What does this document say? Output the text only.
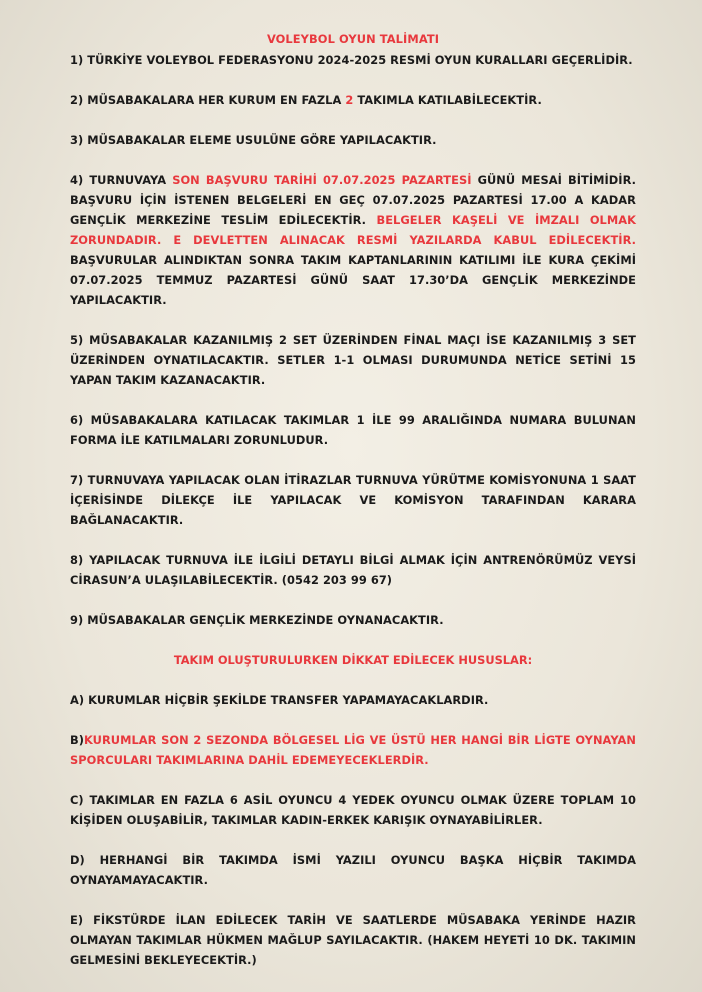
VOLEYBOL OYUN TALİMATI

1) TÜRKİYE VOLEYBOL FEDERASYONU 2024-2025 RESMİ OYUN KURALLARI GEÇERLİDİR.

2) MÜSABAKALARA HER KURUM EN FAZLA 2 TAKIMLA KATILABİLECEKTİR.

3) MÜSABAKALAR ELEME USULÜNE GÖRE YAPILACAKTIR.

4) TURNUVAYA SON BAŞVURU TARİHİ 07.07.2025 PAZARTESİ GÜNÜ MESAİ BİTİMİDİR. BAŞVURU İÇİN İSTENEN BELGELERİ EN GEÇ 07.07.2025 PAZARTESİ 17.00 A KADAR GENÇLİK MERKEZİNE TESLİM EDİLECEKTİR. BELGELER KAŞELİ VE İMZALI OLMAK ZORUNDADIR. E DEVLETTEN ALINACAK RESMİ YAZILARDA KABUL EDİLECEKTİR. BAŞVURULAR ALINDIKTAN SONRA TAKIM KAPTANLARININ KATILIMI İLE KURA ÇEKİMİ 07.07.2025 TEMMUZ PAZARTESİ GÜNÜ SAAT 17.30’DA GENÇLİK MERKEZİNDE YAPILACAKTIR.

5) MÜSABAKALAR KAZANILMIŞ 2 SET ÜZERİNDEN FİNAL MAÇI İSE KAZANILMIŞ 3 SET ÜZERİNDEN OYNATILACAKTIR. SETLER 1-1 OLMASI DURUMUNDA NETİCE SETİNİ 15 YAPAN TAKIM KAZANACAKTIR.

6) MÜSABAKALARA KATILACAK TAKIMLAR 1 İLE 99 ARALIĞINDA NUMARA BULUNAN FORMA İLE KATILMALARI ZORUNLUDUR.

7) TURNUVAYA YAPILACAK OLAN İTİRAZLAR TURNUVA YÜRÜTME KOMİSYONUNA 1 SAAT İÇERİSİNDE DİLEKÇE İLE YAPILACAK VE KOMİSYON TARAFINDAN KARARA BAĞLANACAKTIR.

8) YAPILACAK TURNUVA İLE İLGİLİ DETAYLI BİLGİ ALMAK İÇİN ANTRENÖRÜMÜZ VEYSİ CİRASUN’A ULAŞILABİLECEKTİR. (0542 203 99 67)

9) MÜSABAKALAR GENÇLİK MERKEZİNDE OYNANACAKTIR.

TAKIM OLUŞTURULURKEN DİKKAT EDİLECEK HUSUSLAR:

A) KURUMLAR HİÇBİR ŞEKİLDE TRANSFER YAPAMAYACAKLARDIR.

B)KURUMLAR SON 2 SEZONDA BÖLGESEL LİG VE ÜSTÜ HER HANGİ BİR LİGTE OYNAYAN SPORCULARI TAKIMLARINA DAHİL EDEMEYECEKLERDİR.

C) TAKIMLAR EN FAZLA 6 ASİL OYUNCU 4 YEDEK OYUNCU OLMAK ÜZERE TOPLAM 10 KİŞİDEN OLUŞABİLİR, TAKIMLAR KADIN-ERKEK KARIŞIK OYNAYABİLİRLER.

D) HERHANGİ BİR TAKIMDA İSMİ YAZILI OYUNCU BAŞKA HİÇBİR TAKIMDA OYNAYAMAYACAKTIR.

E) FİKSTÜRDE İLAN EDİLECEK TARİH VE SAATLERDE MÜSABAKA YERİNDE HAZIR OLMAYAN TAKIMLAR HÜKMEN MAĞLUP SAYILACAKTIR. (HAKEM HEYETİ 10 DK. TAKIMIN GELMESİNİ BEKLEYECEKTİR.)
